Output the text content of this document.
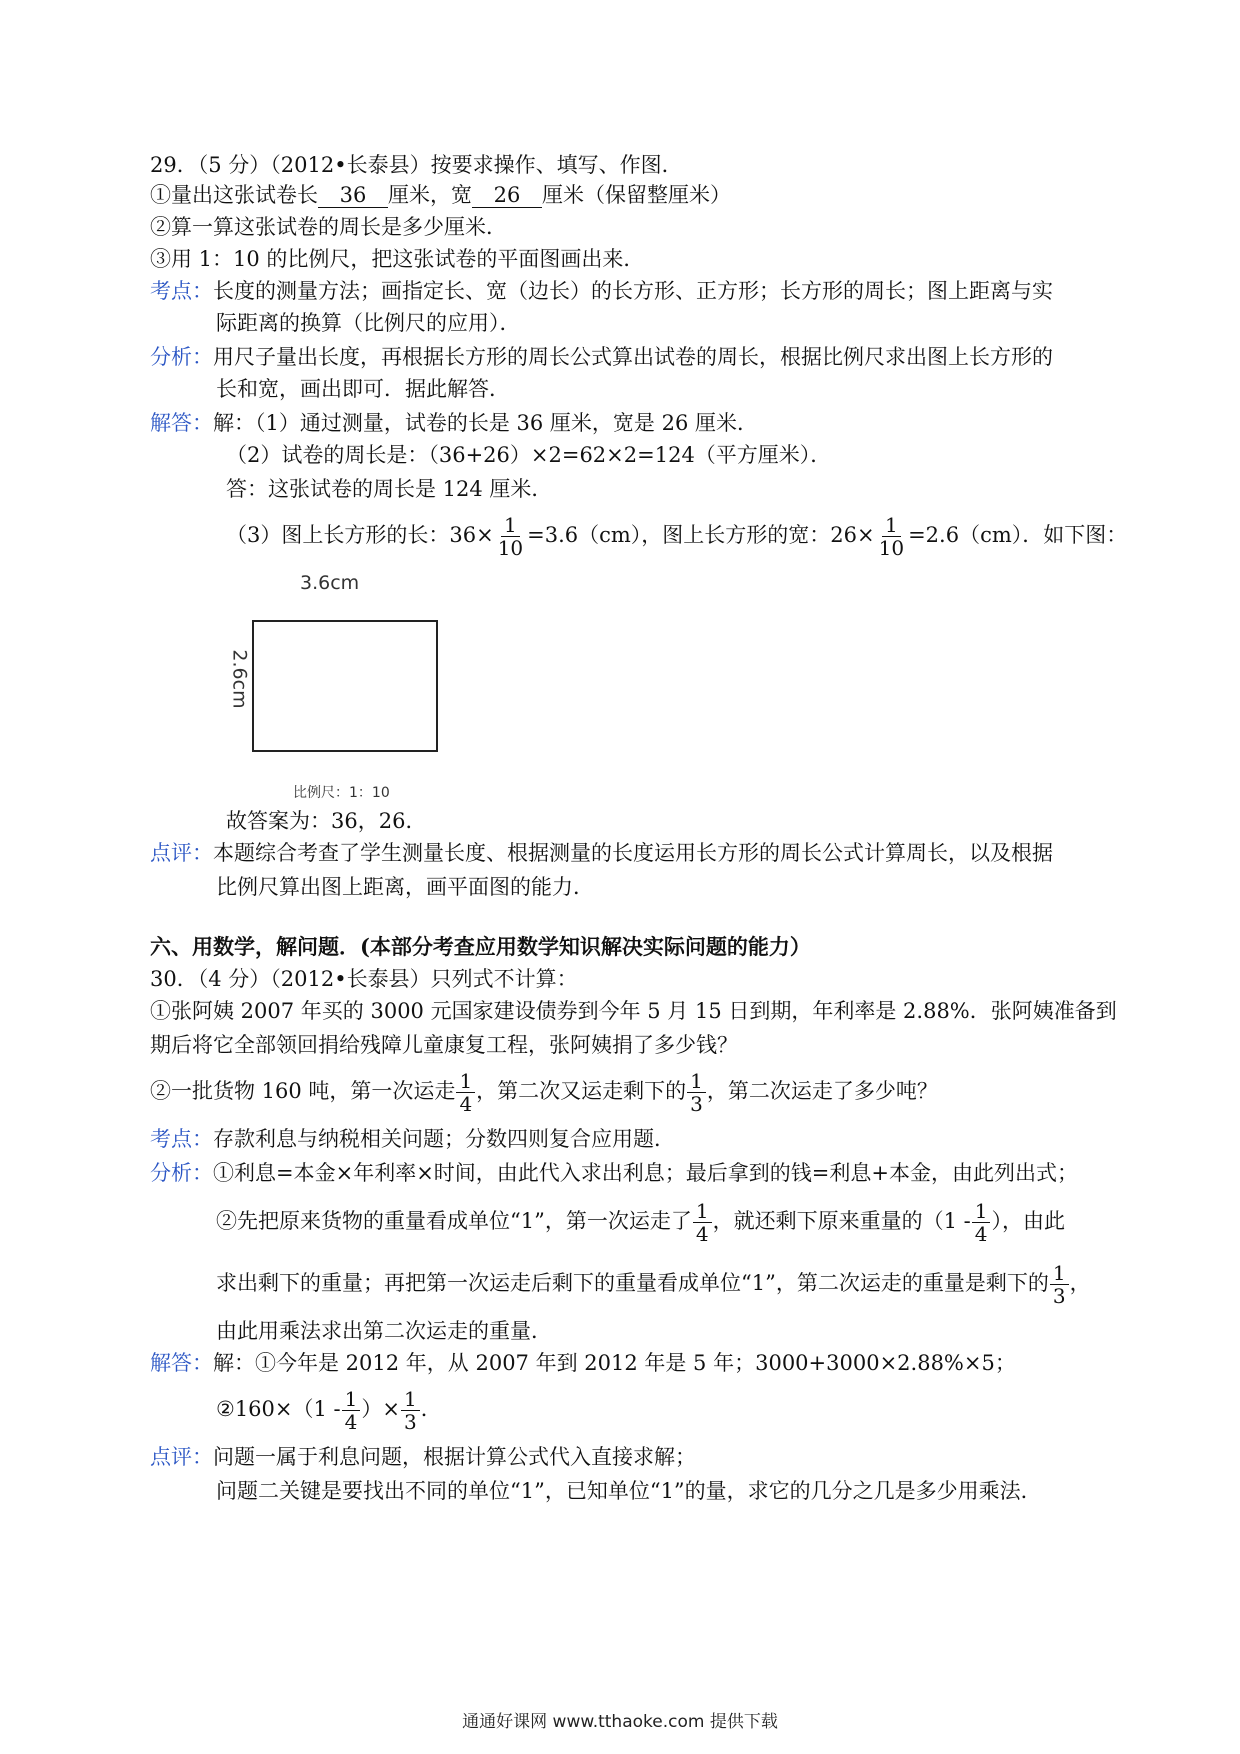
29．（5 分）（2012•长泰县）按要求操作、填写、作图．
①量出这张试卷长 36 厘米，宽 26 厘米（保留整厘米）
②算一算这张试卷的周长是多少厘米．
③用 1：10 的比例尺，把这张试卷的平面图画出来．
考点：长度的测量方法；画指定长、宽（边长）的长方形、正方形；长方形的周长；图上距离与实
际距离的换算（比例尺的应用）．
分析：用尺子量出长度，再根据长方形的周长公式算出试卷的周长，根据比例尺求出图上长方形的
长和宽，画出即可．据此解答．
解答：解：（1）通过测量，试卷的长是 36 厘米，宽是 26 厘米．
（2）试卷的周长是：（36+26）×2=62×2=124（平方厘米）．
答：这张试卷的周长是 124 厘米．
（3）图上长方形的长：$36\times \frac{1}{10} =3.6(cm)$，图上长方形的宽：$26\times \frac{1}{10} =2.6(cm)$．如下图：
3.6cm
2.6cm
比例尺：1：10
故答案为：36，26．
点评：本题综合考查了学生测量长度、根据测量的长度运用长方形的周长公式计算周长，以及根据
比例尺算出图上距离，画平面图的能力．
六、用数学，解问题．(本部分考查应用数学知识解决实际问题的能力）
30．（4 分）（2012•长泰县）只列式不计算：
①张阿姨 2007 年买的 3000 元国家建设债券到今年 5 月 15 日到期，年利率是 2.88%．张阿姨准备到
期后将它全部领回捐给残障儿童康复工程，张阿姨捐了多少钱？
②一批货物 160 吨，第一次运走 $\frac{1}{4}$ ，第二次又运走剩下的 $\frac{1}{3}$ ，第二次运走了多少吨？
考点：存款利息与纳税相关问题；分数四则复合应用题．
分析：①利息=本金×年利率×时间，由此代入求出利息；最后拿到的钱=利息+本金，由此列出式；
②先把原来货物的重量看成单位“1”，第一次运走了 $\frac{1}{4}$ ，就还剩下原来重量的（$1 - \frac{1}{4}$ ），由此
求出剩下的重量；再把第一次运走后剩下的重量看成单位“1”，第二次运走的重量是剩下的 $\frac{1}{3}$ ，
由此用乘法求出第二次运走的重量．
解答：解：①今年是 2012 年，从 2007 年到 2012 年是 5 年；3000+3000×2.88%×5；
②160×（1 - $\frac{1}{4}$ ）× $\frac{1}{3}$ ．
点评：问题一属于利息问题，根据计算公式代入直接求解；
问题二关键是要找出不同的单位“1”，已知单位“1”的量，求它的几分之几是多少用乘法．
通通好课网 www.tthaoke.com 提供下载
